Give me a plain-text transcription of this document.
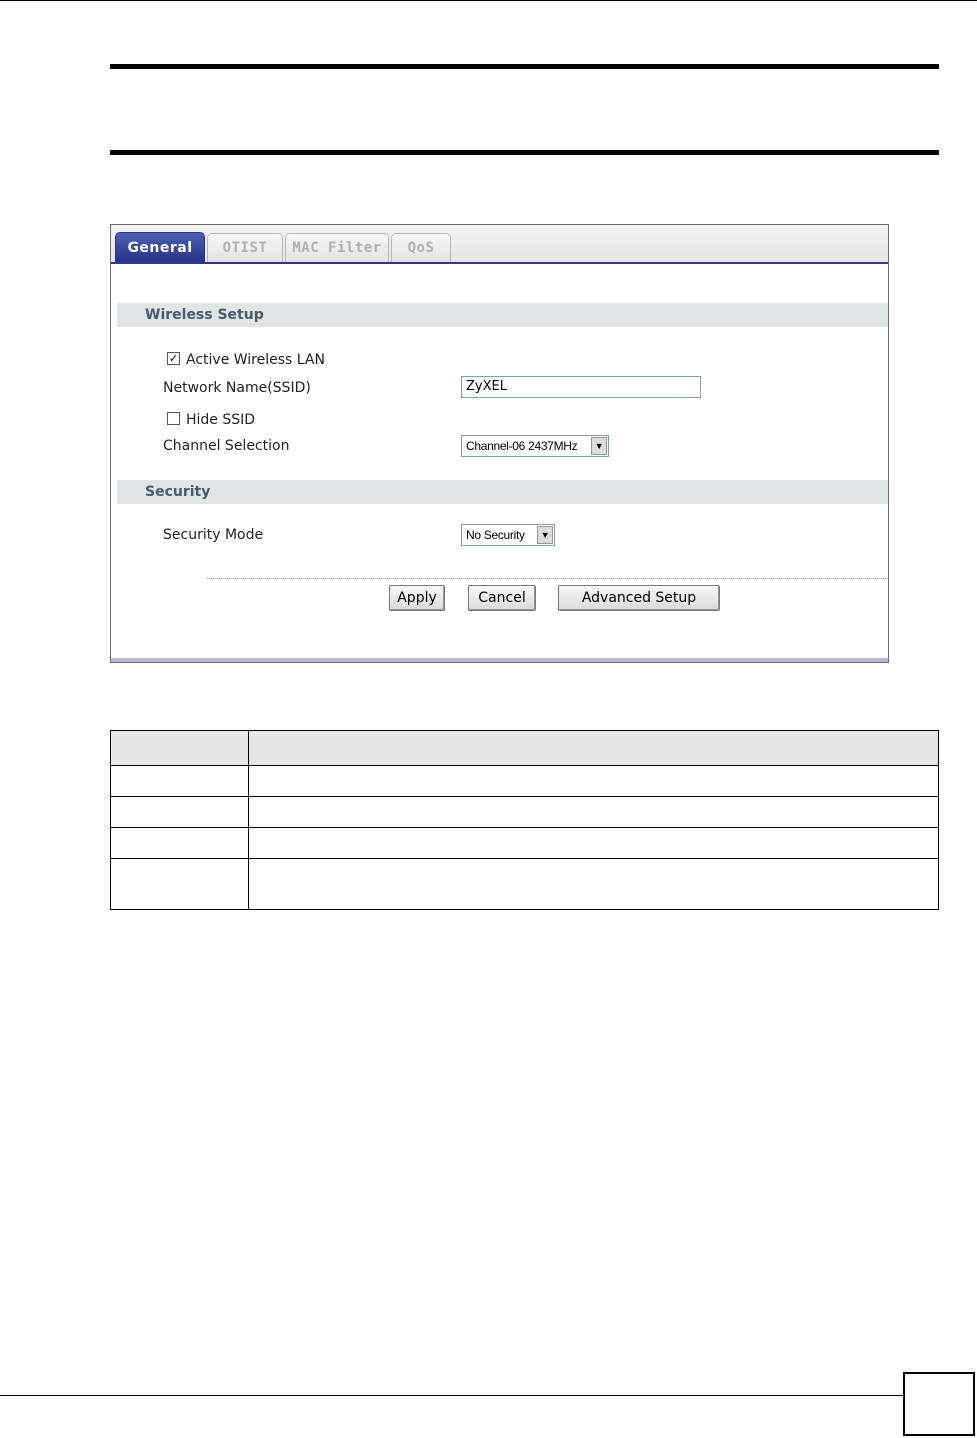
General	OTIST	MAC Filter	QoS
Wireless Setup
✓ Active Wireless LAN
Network Name(SSID)	ZyXEL
Hide SSID
Channel Selection	Channel-06 2437MHz	▼
Security
Security Mode	No Security	▼
Apply	Cancel	Advanced Setup
